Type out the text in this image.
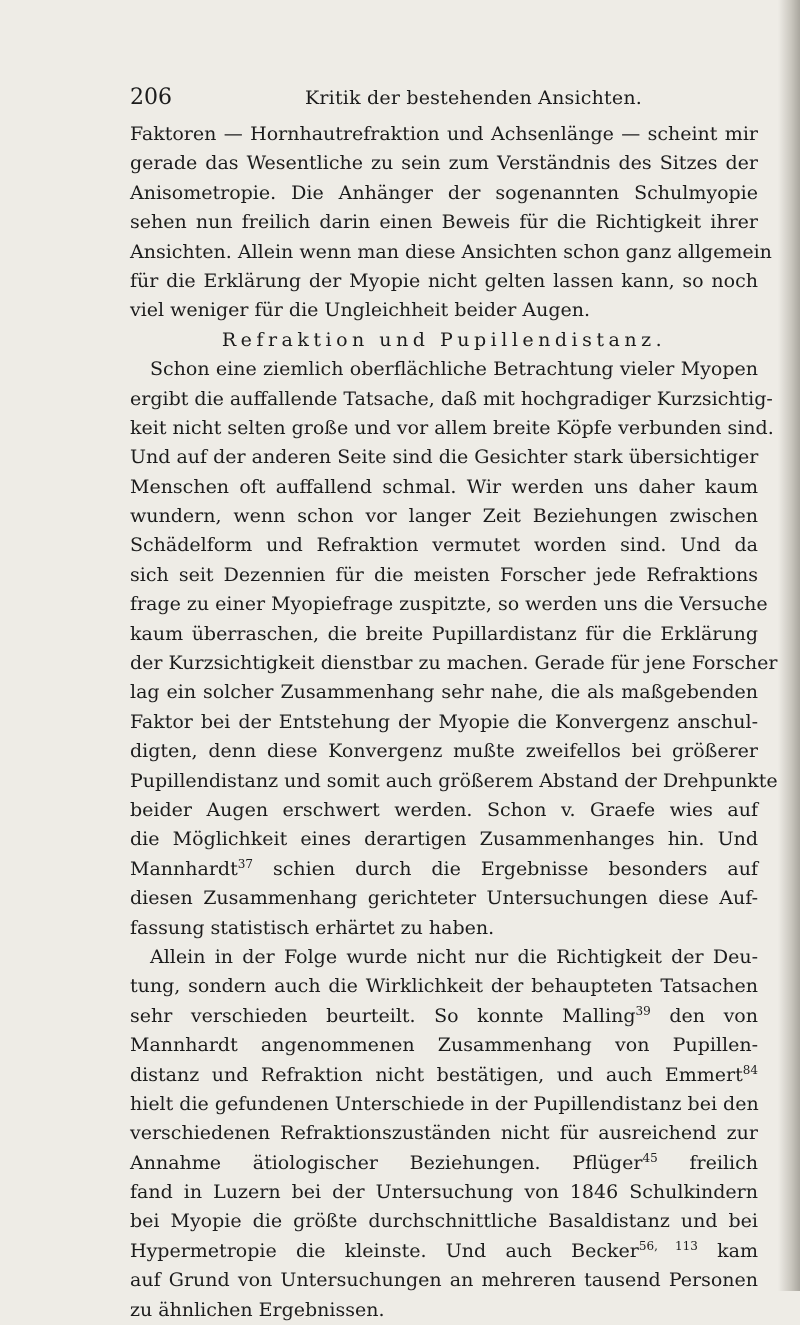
206	Kritik der bestehenden Ansichten.
Faktoren — Hornhautrefraktion und Achsenlänge — scheint mir
gerade das Wesentliche zu sein zum Verständnis des Sitzes der
Anisometropie. Die Anhänger der sogenannten Schulmyopie
sehen nun freilich darin einen Beweis für die Richtigkeit ihrer
Ansichten. Allein wenn man diese Ansichten schon ganz allgemein
für die Erklärung der Myopie nicht gelten lassen kann, so noch
viel weniger für die Ungleichheit beider Augen.
Refraktion und Pupillendistanz.
Schon eine ziemlich oberflächliche Betrachtung vieler Myopen
ergibt die auffallende Tatsache, daß mit hochgradiger Kurzsichtig-
keit nicht selten große und vor allem breite Köpfe verbunden sind.
Und auf der anderen Seite sind die Gesichter stark übersichtiger
Menschen oft auffallend schmal. Wir werden uns daher kaum
wundern, wenn schon vor langer Zeit Beziehungen zwischen
Schädelform und Refraktion vermutet worden sind. Und da
sich seit Dezennien für die meisten Forscher jede Refraktions
frage zu einer Myopiefrage zuspitzte, so werden uns die Versuche
kaum überraschen, die breite Pupillardistanz für die Erklärung
der Kurzsichtigkeit dienstbar zu machen. Gerade für jene Forscher
lag ein solcher Zusammenhang sehr nahe, die als maßgebenden
Faktor bei der Entstehung der Myopie die Konvergenz anschul-
digten, denn diese Konvergenz mußte zweifellos bei größerer
Pupillendistanz und somit auch größerem Abstand der Drehpunkte
beider Augen erschwert werden. Schon v. Graefe wies auf
die Möglichkeit eines derartigen Zusammenhanges hin. Und
Mannhardt$^{37}$ schien durch die Ergebnisse besonders auf
diesen Zusammenhang gerichteter Untersuchungen diese Auf-
fassung statistisch erhärtet zu haben.
Allein in der Folge wurde nicht nur die Richtigkeit der Deu-
tung, sondern auch die Wirklichkeit der behaupteten Tatsachen
sehr verschieden beurteilt. So konnte Malling$^{39}$ den von
Mannhardt angenommenen Zusammenhang von Pupillen-
distanz und Refraktion nicht bestätigen, und auch Emmert$^{84}$
hielt die gefundenen Unterschiede in der Pupillendistanz bei den
verschiedenen Refraktionszuständen nicht für ausreichend zur
Annahme ätiologischer Beziehungen. Pflüger$^{45}$ freilich
fand in Luzern bei der Untersuchung von 1846 Schulkindern
bei Myopie die größte durchschnittliche Basaldistanz und bei
Hypermetropie die kleinste. Und auch Becker$^{56, 113}$ kam
auf Grund von Untersuchungen an mehreren tausend Personen
zu ähnlichen Ergebnissen.
